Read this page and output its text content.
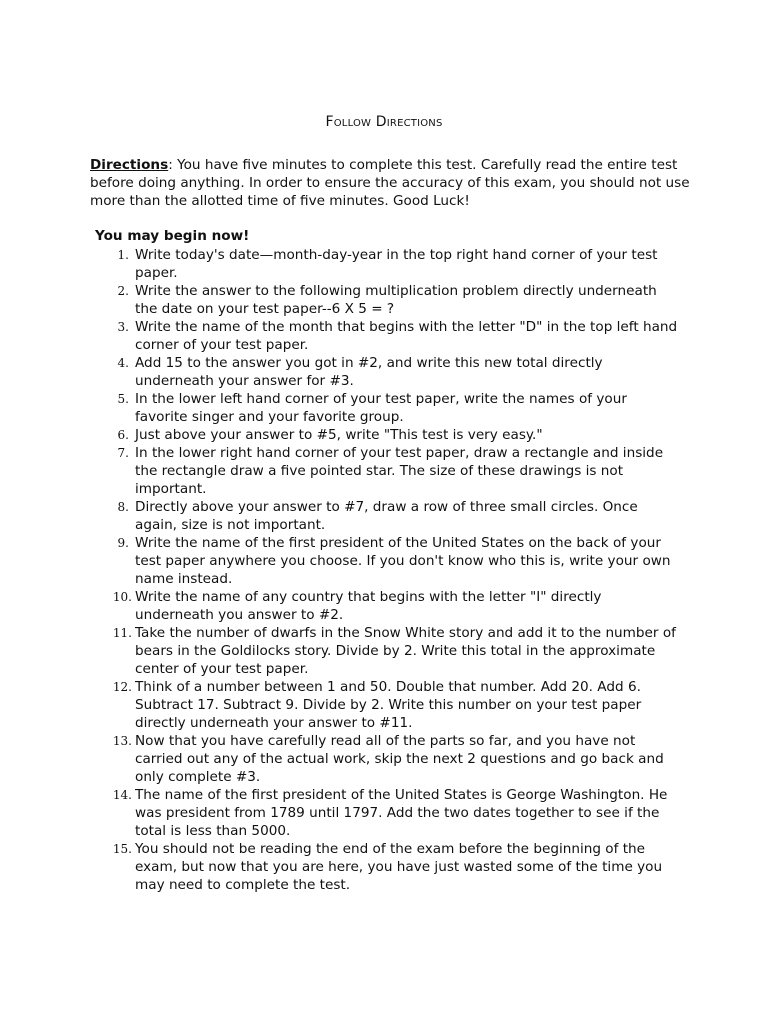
Follow Directions
Directions: You have five minutes to complete this test. Carefully read the entire test before doing anything. In order to ensure the accuracy of this exam, you should not use more than the allotted time of five minutes. Good Luck!
You may begin now!
1. Write today's date—month-day-year in the top right hand corner of your test paper.
2. Write the answer to the following multiplication problem directly underneath the date on your test paper--6 X 5 = ?
3. Write the name of the month that begins with the letter "D" in the top left hand corner of your test paper.
4. Add 15 to the answer you got in #2, and write this new total directly underneath your answer for #3.
5. In the lower left hand corner of your test paper, write the names of your favorite singer and your favorite group.
6. Just above your answer to #5, write "This test is very easy."
7. In the lower right hand corner of your test paper, draw a rectangle and inside the rectangle draw a five pointed star. The size of these drawings is not important.
8. Directly above your answer to #7, draw a row of three small circles. Once again, size is not important.
9. Write the name of the first president of the United States on the back of your test paper anywhere you choose. If you don't know who this is, write your own name instead.
10. Write the name of any country that begins with the letter "I" directly underneath you answer to #2.
11. Take the number of dwarfs in the Snow White story and add it to the number of bears in the Goldilocks story. Divide by 2. Write this total in the approximate center of your test paper.
12. Think of a number between 1 and 50. Double that number. Add 20. Add 6. Subtract 17. Subtract 9. Divide by 2. Write this number on your test paper directly underneath your answer to #11.
13. Now that you have carefully read all of the parts so far, and you have not carried out any of the actual work, skip the next 2 questions and go back and only complete #3.
14. The name of the first president of the United States is George Washington. He was president from 1789 until 1797. Add the two dates together to see if the total is less than 5000.
15. You should not be reading the end of the exam before the beginning of the exam, but now that you are here, you have just wasted some of the time you may need to complete the test.
